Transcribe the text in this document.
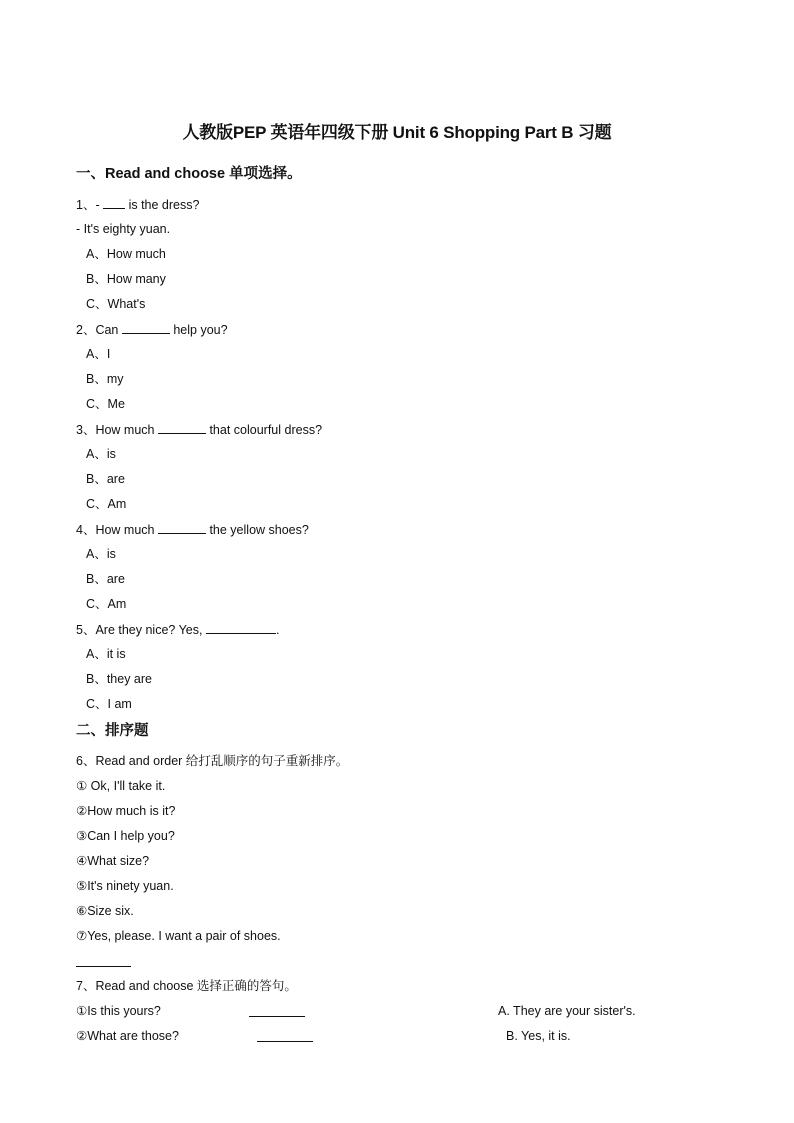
人教版PEP 英语年四级下册 Unit 6 Shopping Part B 习题
一、Read and choose 单项选择。
1、-  is the dress?
- It's eighty yuan.
A、How much
B、How many
C、What's
2、Can	help you?
A、I
B、my
C、Me
3、How much	that colourful dress?
A、is
B、are
C、Am
4、How much	the yellow shoes?
A、is
B、are
C、Am
5、Are they nice? Yes,	.
A、it is
B、they are
C、I am
二、排序题
6、Read and order 给打乱顺序的句子重新排序。
① Ok, I'll take it.
②How much is it?
③Can I help you?
④What size?
⑤It's ninety yuan.
⑥Size six.
⑦Yes, please. I want a pair of shoes.
7、Read and choose 选择正确的答句。
①Is this yours?	A. They are your sister's.
②What are those?	B. Yes, it is.
